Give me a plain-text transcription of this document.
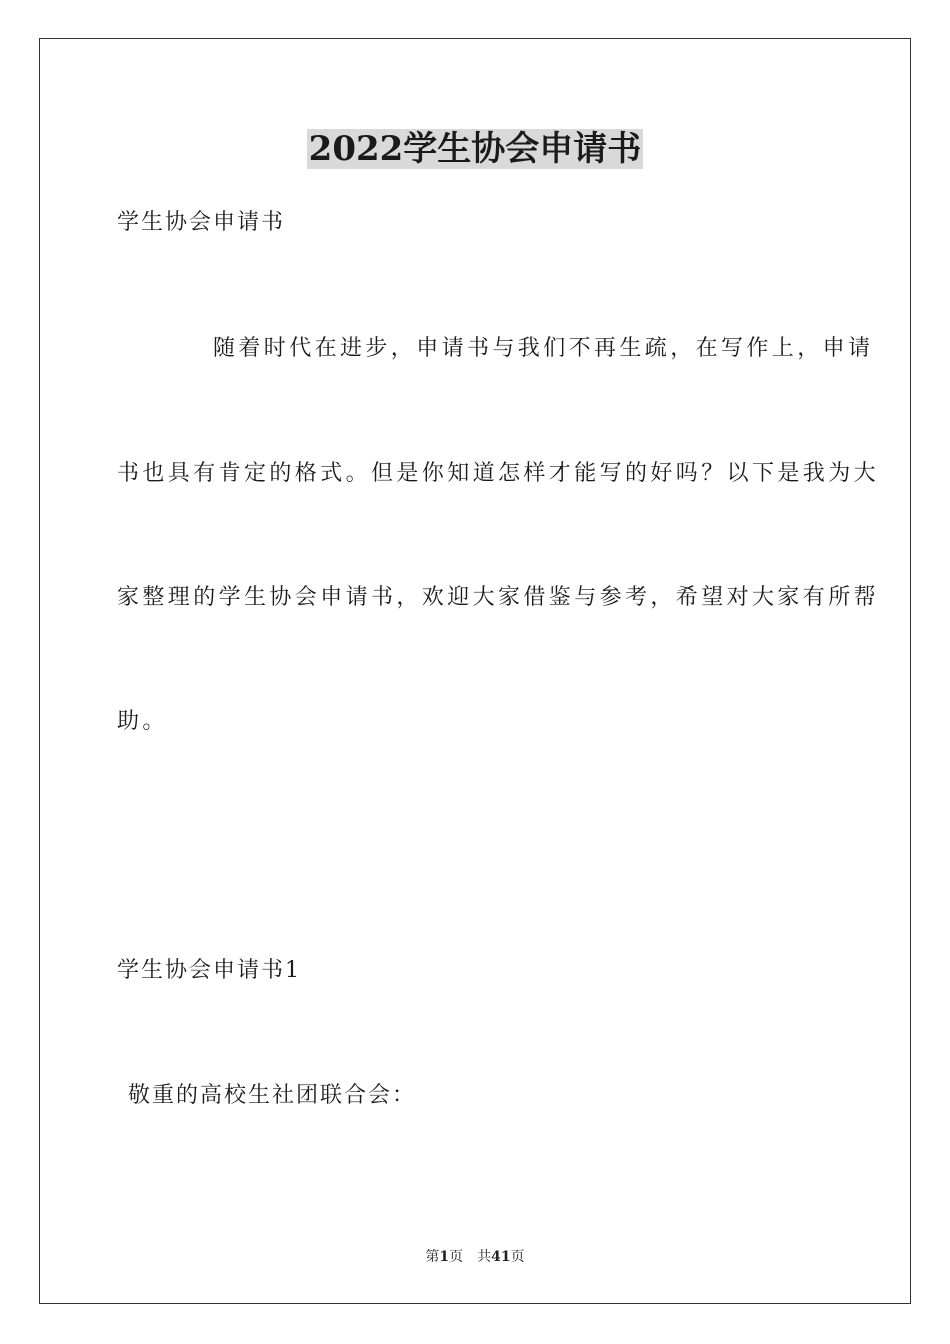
2022学生协会申请书
学生协会申请书
随着时代在进步，申请书与我们不再生疏，在写作上，申请
书也具有肯定的格式。但是你知道怎样才能写的好吗？以下是我为大
家整理的学生协会申请书，欢迎大家借鉴与参考，希望对大家有所帮
助。
学生协会申请书1
敬重的高校生社团联合会：
第1页　共41页
